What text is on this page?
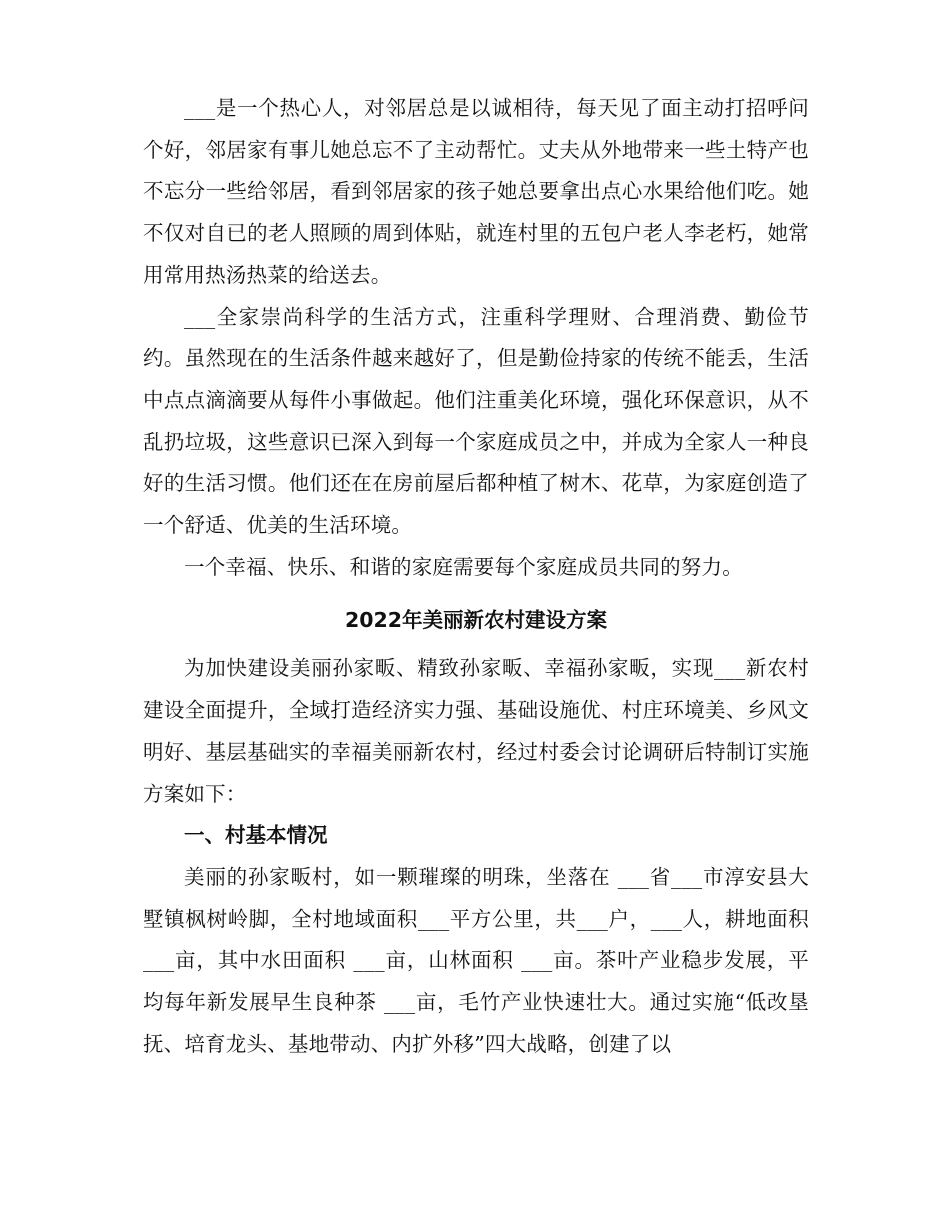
___是一个热心人，对邻居总是以诚相待，每天见了面主动打招呼问个好，邻居家有事儿她总忘不了主动帮忙。丈夫从外地带来一些土特产也不忘分一些给邻居，看到邻居家的孩子她总要拿出点心水果给他们吃。她不仅对自已的老人照顾的周到体贴，就连村里的五包户老人李老朽，她常用常用热汤热菜的给送去。

___全家崇尚科学的生活方式，注重科学理财、合理消费、勤俭节约。虽然现在的生活条件越来越好了，但是勤俭持家的传统不能丢，生活中点点滴滴要从每件小事做起。他们注重美化环境，强化环保意识，从不乱扔垃圾，这些意识已深入到每一个家庭成员之中，并成为全家人一种良好的生活习惯。他们还在在房前屋后都种植了树木、花草，为家庭创造了一个舒适、优美的生活环境。

一个幸福、快乐、和谐的家庭需要每个家庭成员共同的努力。

2022年美丽新农村建设方案

为加快建设美丽孙家畈、精致孙家畈、幸福孙家畈，实现___新农村建设全面提升，全域打造经济实力强、基础设施优、村庄环境美、乡风文明好、基层基础实的幸福美丽新农村，经过村委会讨论调研后特制订实施方案如下：

一、村基本情况

美丽的孙家畈村，如一颗璀璨的明珠，坐落在 ___省___市淳安县大墅镇枫树岭脚，全村地域面积___平方公里，共___户，___人，耕地面积___亩，其中水田面积 ___亩，山林面积 ___亩。茶叶产业稳步发展，平均每年新发展早生良种茶 ___亩，毛竹产业快速壮大。通过实施“低改垦抚、培育龙头、基地带动、内扩外移”四大战略，创建了以
